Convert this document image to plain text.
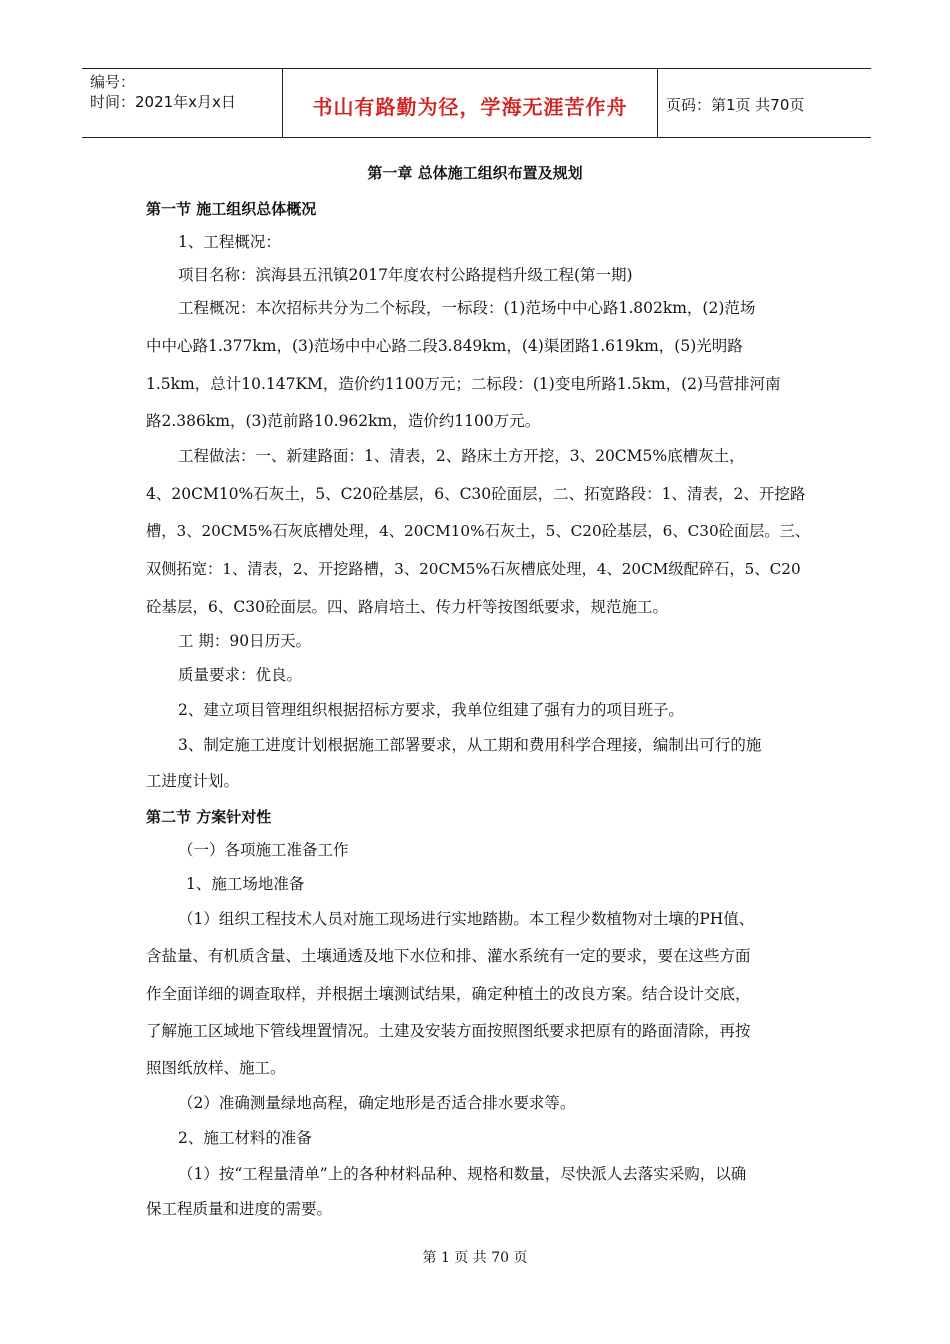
编号：
时间：2021年x月x日	书山有路勤为径，学海无涯苦作舟	页码：第1页 共70页
第一章 总体施工组织布置及规划
第一节 施工组织总体概况
1、工程概况：
项目名称：滨海县五汛镇2017年度农村公路提档升级工程(第一期)
工程概况：本次招标共分为二个标段，一标段：(1)范场中中心路1.802km，(2)范场
中中心路1.377km，(3)范场中中心路二段3.849km，(4)渠团路1.619km，(5)光明路
1.5km，总计10.147KM，造价约1100万元；二标段：(1)变电所路1.5km，(2)马营排河南
路2.386km，(3)范前路10.962km，造价约1100万元。
工程做法：一、新建路面：1、清表，2、路床土方开挖，3、20CM5%底槽灰土，
4、20CM10%石灰土，5、C20砼基层，6、C30砼面层，二、拓宽路段：1、清表，2、开挖路
槽，3、20CM5%石灰底槽处理，4、20CM10%石灰土，5、C20砼基层，6、C30砼面层。三、
双侧拓宽：1、清表，2、开挖路槽，3、20CM5%石灰槽底处理，4、20CM级配碎石，5、C20
砼基层，6、C30砼面层。四、路肩培土、传力杆等按图纸要求，规范施工。
工 期：90日历天。
质量要求：优良。
2、建立项目管理组织根据招标方要求，我单位组建了强有力的项目班子。
3、制定施工进度计划根据施工部署要求，从工期和费用科学合理接，编制出可行的施
工进度计划。
第二节 方案针对性
（一）各项施工准备工作
1、施工场地准备
（1）组织工程技术人员对施工现场进行实地踏勘。本工程少数植物对土壤的PH值、
含盐量、有机质含量、土壤通透及地下水位和排、灌水系统有一定的要求，要在这些方面
作全面详细的调查取样，并根据土壤测试结果，确定种植土的改良方案。结合设计交底，
了解施工区域地下管线埋置情况。土建及安装方面按照图纸要求把原有的路面清除，再按
照图纸放样、施工。
（2）准确测量绿地高程，确定地形是否适合排水要求等。
2、施工材料的准备
（1）按“工程量清单”上的各种材料品种、规格和数量，尽快派人去落实采购，以确
保工程质量和进度的需要。
第 1 页 共 70 页
